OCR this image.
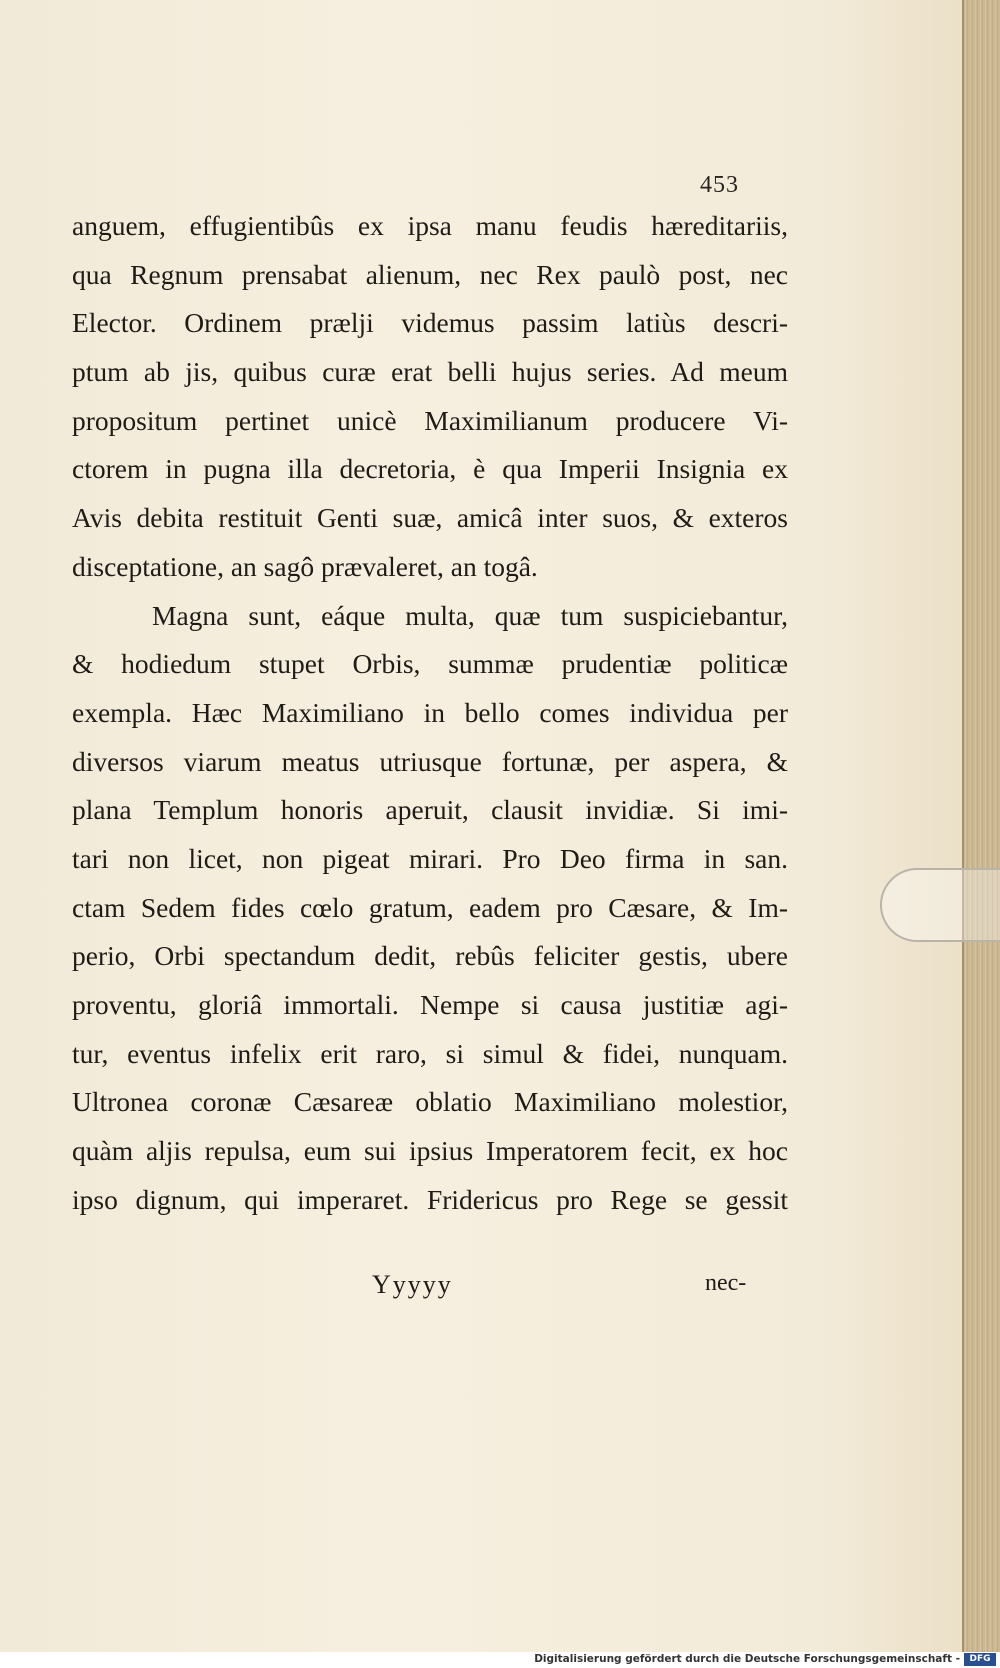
453
anguem, effugientibûs ex ipsa manu feudis hæreditariis,
qua Regnum prensabat alienum, nec Rex paulò post, nec
Elector. Ordinem prælji videmus passim latiùs descri-
ptum ab jis, quibus curæ erat belli hujus series. Ad meum
propositum pertinet unicè Maximilianum producere Vi-
ctorem in pugna illa decretoria, è qua Imperii Insignia ex
Avis debita restituit Genti suæ, amicâ inter suos, & exteros
disceptatione, an sagô prævaleret, an togâ.
Magna sunt, eáque multa, quæ tum suspiciebantur,
& hodiedum stupet Orbis, summæ prudentiæ politicæ
exempla. Hæc Maximiliano in bello comes individua per
diversos viarum meatus utriusque fortunæ, per aspera, &
plana Templum honoris aperuit, clausit invidiæ. Si imi-
tari non licet, non pigeat mirari. Pro Deo firma in san.
ctam Sedem fides cœlo gratum, eadem pro Cæsare, & Im-
perio, Orbi spectandum dedit, rebûs feliciter gestis, ubere
proventu, gloriâ immortali. Nempe si causa justitiæ agi-
tur, eventus infelix erit raro, si simul & fidei, nunquam.
Ultronea coronæ Cæsareæ oblatio Maximiliano molestior,
quàm aljis repulsa, eum sui ipsius Imperatorem fecit, ex hoc
ipso dignum, qui imperaret. Fridericus pro Rege se gessit
Yyyyy	nec-
Digitalisierung gefördert durch die Deutsche Forschungsgemeinschaft -	DFG
